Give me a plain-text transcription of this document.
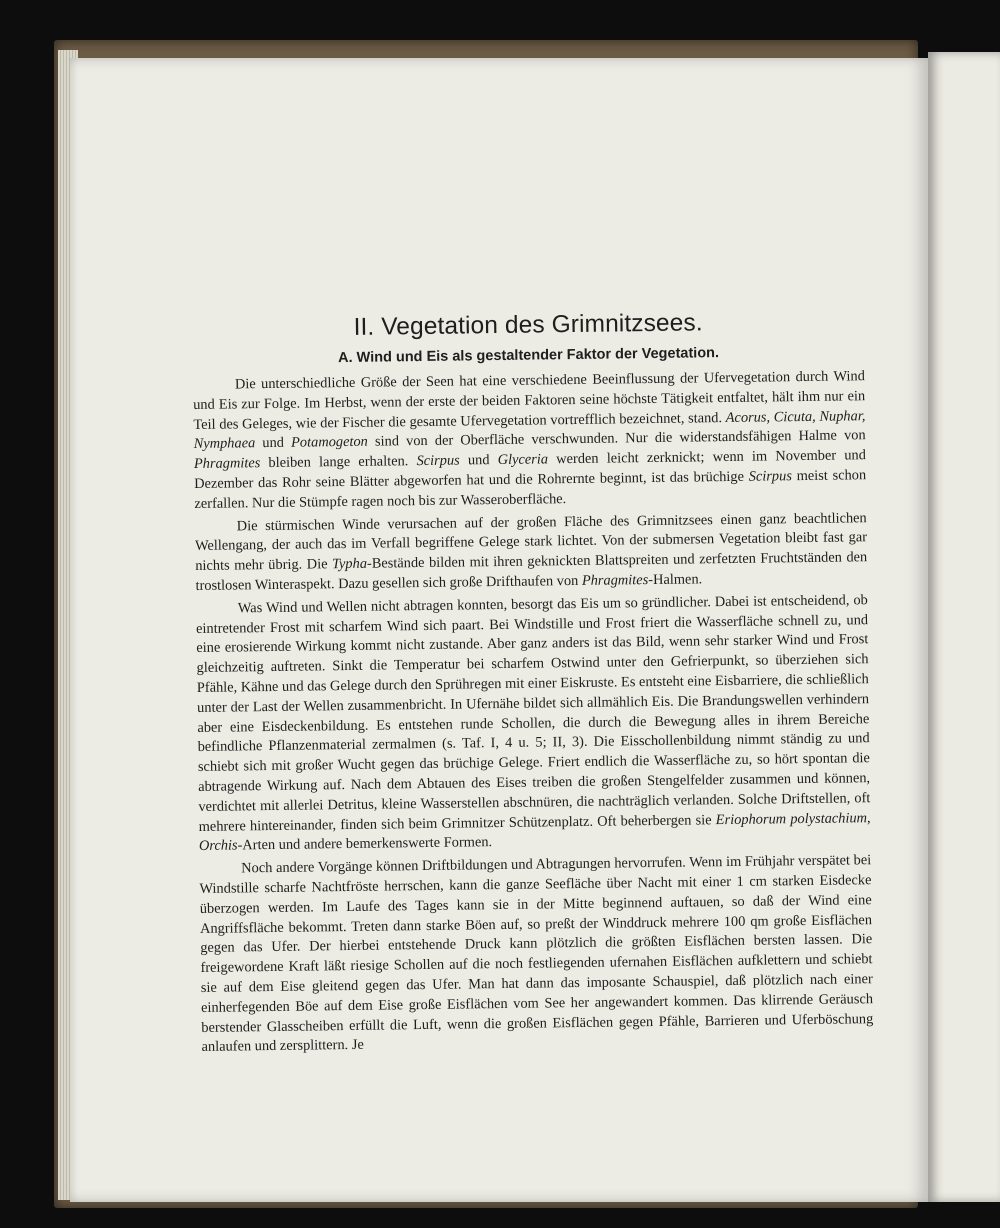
II. Vegetation des Grimnitzsees.
A. Wind und Eis als gestaltender Faktor der Vegetation.

Die unterschiedliche Größe der Seen hat eine verschiedene Beeinflussung der Ufervegetation durch Wind und Eis zur Folge. Im Herbst, wenn der erste der beiden Faktoren seine höchste Tätigkeit entfaltet, hält ihm nur ein Teil des Geleges, wie der Fischer die gesamte Ufervegetation vortrefflich bezeichnet, stand. Acorus, Cicuta, Nuphar, Nymphaea und Potamogeton sind von der Oberfläche verschwunden. Nur die widerstandsfähigen Halme von Phragmites bleiben lange erhalten. Scirpus und Glyceria werden leicht zerknickt; wenn im November und Dezember das Rohr seine Blätter abgeworfen hat und die Rohrernte beginnt, ist das brüchige Scirpus meist schon zerfallen. Nur die Stümpfe ragen noch bis zur Wasseroberfläche.

Die stürmischen Winde verursachen auf der großen Fläche des Grimnitzsees einen ganz beachtlichen Wellengang, der auch das im Verfall begriffene Gelege stark lichtet. Von der submersen Vegetation bleibt fast gar nichts mehr übrig. Die Typha-Bestände bilden mit ihren geknickten Blattspreiten und zerfetzten Fruchtständen den trostlosen Winteraspekt. Dazu gesellen sich große Drifthaufen von Phragmites-Halmen.

Was Wind und Wellen nicht abtragen konnten, besorgt das Eis um so gründlicher. Dabei ist entscheidend, ob eintretender Frost mit scharfem Wind sich paart. Bei Windstille und Frost friert die Wasserfläche schnell zu, und eine erosierende Wirkung kommt nicht zustande. Aber ganz anders ist das Bild, wenn sehr starker Wind und Frost gleichzeitig auftreten. Sinkt die Temperatur bei scharfem Ostwind unter den Gefrierpunkt, so überziehen sich Pfähle, Kähne und das Gelege durch den Sprühregen mit einer Eiskruste. Es entsteht eine Eisbarriere, die schließlich unter der Last der Wellen zusammenbricht. In Ufernähe bildet sich allmählich Eis. Die Brandungswellen verhindern aber eine Eisdeckenbildung. Es entstehen runde Schollen, die durch die Bewegung alles in ihrem Bereiche befindliche Pflanzenmaterial zermalmen (s. Taf. I, 4 u. 5; II, 3). Die Eisschollenbildung nimmt ständig zu und schiebt sich mit großer Wucht gegen das brüchige Gelege. Friert endlich die Wasserfläche zu, so hört spontan die abtragende Wirkung auf. Nach dem Abtauen des Eises treiben die großen Stengelfelder zusammen und können, verdichtet mit allerlei Detritus, kleine Wasserstellen abschnüren, die nachträglich verlanden. Solche Driftstellen, oft mehrere hintereinander, finden sich beim Grimnitzer Schützenplatz. Oft beherbergen sie Eriophorum polystachium, Orchis-Arten und andere bemerkenswerte Formen.

Noch andere Vorgänge können Driftbildungen und Abtragungen hervorrufen. Wenn im Frühjahr verspätet bei Windstille scharfe Nachtfröste herrschen, kann die ganze Seefläche über Nacht mit einer 1 cm starken Eisdecke überzogen werden. Im Laufe des Tages kann sie in der Mitte beginnend auftauen, so daß der Wind eine Angriffsfläche bekommt. Treten dann starke Böen auf, so preßt der Winddruck mehrere 100 qm große Eisflächen gegen das Ufer. Der hierbei entstehende Druck kann plötzlich die größten Eisflächen bersten lassen. Die freigewordene Kraft läßt riesige Schollen auf die noch festliegenden ufernahen Eisflächen aufklettern und schiebt sie auf dem Eise gleitend gegen das Ufer. Man hat dann das imposante Schauspiel, daß plötzlich nach einer einherfegenden Böe auf dem Eise große Eisflächen vom See her angewandert kommen. Das klirrende Geräusch berstender Glasscheiben erfüllt die Luft, wenn die großen Eisflächen gegen Pfähle, Barrieren und Uferböschung anlaufen und zersplittern. Je
